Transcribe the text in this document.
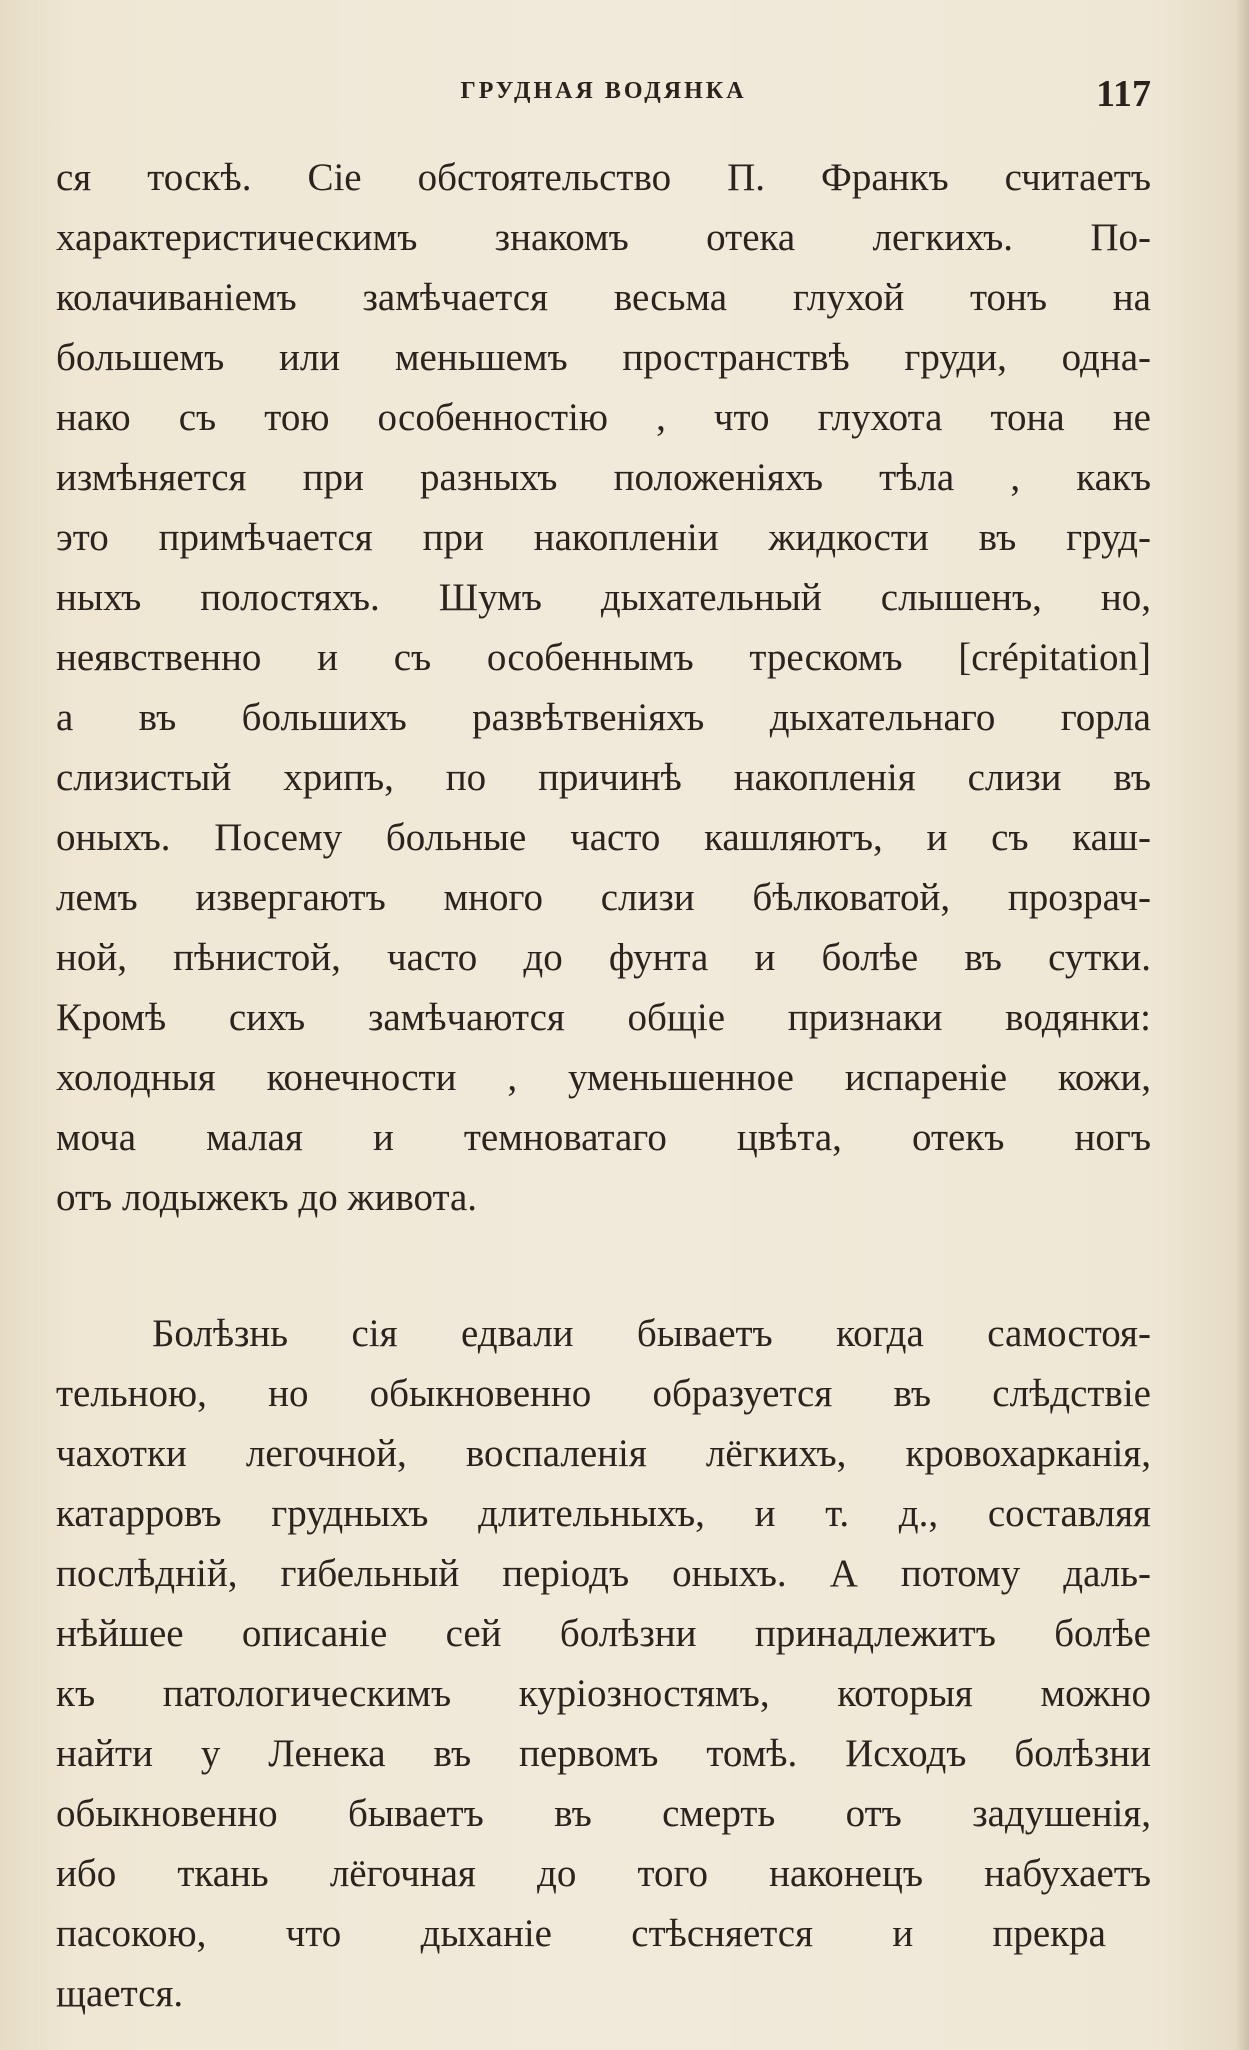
ГРУДНАЯ ВОДЯНКА	117
ся тоскѣ. Сiе обстоятельство П. Франкъ считаетъ
характеристическимъ знакомъ отека легкихъ. По-
колачиванiемъ замѣчается весьма глухой тонъ на
большемъ или меньшемъ пространствѣ груди, одна-
нако съ тою особенностiю , что глухота тона не
измѣняется при разныхъ положенiяхъ тѣла , какъ
это примѣчается при накопленiи жидкости въ груд-
ныхъ полостяхъ. Шумъ дыхательный слышенъ, но,
неявственно и съ особеннымъ трескомъ [crépitation]
а въ большихъ развѣтвенiяхъ дыхательнаго горла
слизистый хрипъ, по причинѣ накопленiя слизи въ
оныхъ. Посему больные часто кашляютъ, и съ каш-
лемъ извергаютъ много слизи бѣлковатой, прозрач-
ной, пѣнистой, часто до фунта и болѣе въ сутки.
Кромѣ сихъ замѣчаются общiе признаки водянки:
холодныя конечности , уменьшенное испаренiе кожи,
моча малая и темноватаго цвѣта, отекъ ногъ
отъ лодыжекъ до живота.
Болѣзнь сiя едвали бываетъ когда самостоя-
тельною, но обыкновенно образуется въ слѣдствiе
чахотки легочной, воспаленiя лёгкихъ, кровохарканiя,
катарровъ грудныхъ длительныхъ, и т. д., составляя
послѣднiй, гибельный перiодъ оныхъ. А потому даль-
нѣйшее описанiе сей болѣзни принадлежитъ болѣе
къ патологическимъ курiозностямъ, которыя можно
найти у Ленека въ первомъ томѣ. Исходъ болѣзни
обыкновенно бываетъ въ смерть отъ задушенiя,
ибо ткань лёгочная до того наконецъ набухаетъ
пасокою, что дыханiе стѣсняется и прекра
щается.
